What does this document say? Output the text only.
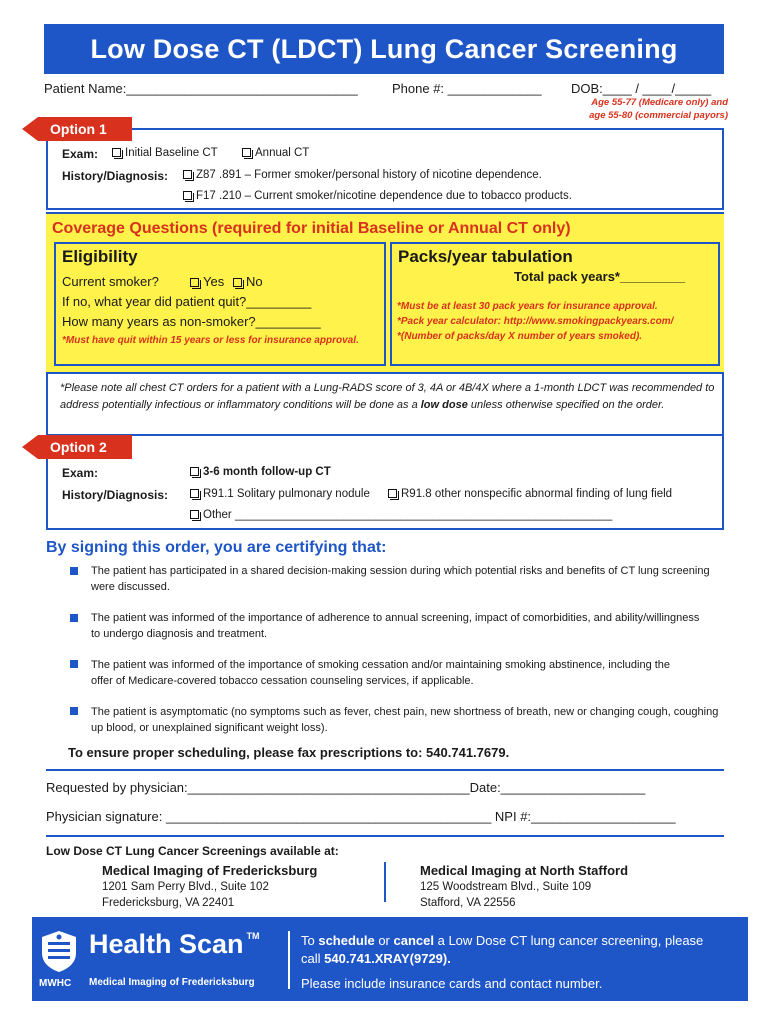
Low Dose CT (LDCT) Lung Cancer Screening
Patient Name:________________________________	Phone #: _____________ DOB:____ / ____/_____
Age 55-77 (Medicare only) and
age 55-80 (commercial payors)
Option 1
Exam:	Initial Baseline CT	Annual CT
History/Diagnosis:	Z87 .891 – Former smoker/personal history of nicotine dependence.
F17 .210 – Current smoker/nicotine dependence due to tobacco products.
Coverage Questions (required for initial Baseline or Annual CT only)
Eligibility
Current smoker?	Yes	No
If no, what year did patient quit?_________
How many years as non-smoker?_________
*Must have quit within 15 years or less for insurance approval.
Packs/year tabulation
Total pack years*_________
*Must be at least 30 pack years for insurance approval.
*Pack year calculator: http://www.smokingpackyears.com/
*(Number of packs/day X number of years smoked).
*Please note all chest CT orders for a patient with a Lung-RADS score of 3, 4A or 4B/4X where a 1-month LDCT was recommended to address potentially infectious or inflammatory conditions will be done as a low dose unless otherwise specified on the order.
Option 2
Exam:	3-6 month follow-up CT
History/Diagnosis:	R91.1 Solitary pulmonary nodule	R91.8 other nonspecific abnormal finding of lung field
Other ___________________________________________________________
By signing this order, you are certifying that:
The patient has participated in a shared decision-making session during which potential risks and benefits of CT lung screening were discussed.
The patient was informed of the importance of adherence to annual screening, impact of comorbidities, and ability/willingness to undergo diagnosis and treatment.
The patient was informed of the importance of smoking cessation and/or maintaining smoking abstinence, including the offer of Medicare-covered tobacco cessation counseling services, if applicable.
The patient is asymptomatic (no symptoms such as fever, chest pain, new shortness of breath, new or changing cough, coughing up blood, or unexplained significant weight loss).
To ensure proper scheduling, please fax prescriptions to: 540.741.7679.
Requested by physician:_______________________________________Date:____________________
Physician signature: _____________________________________________ NPI #:____________________
Low Dose CT Lung Cancer Screenings available at:
Medical Imaging of Fredericksburg
1201 Sam Perry Blvd., Suite 102
Fredericksburg, VA 22401
Medical Imaging at North Stafford
125 Woodstream Blvd., Suite 109
Stafford, VA 22556
MWHC
Health Scan ™
Medical Imaging of Fredericksburg
To schedule or cancel a Low Dose CT lung cancer screening, please
call 540.741.XRAY(9729).
Please include insurance cards and contact number.
